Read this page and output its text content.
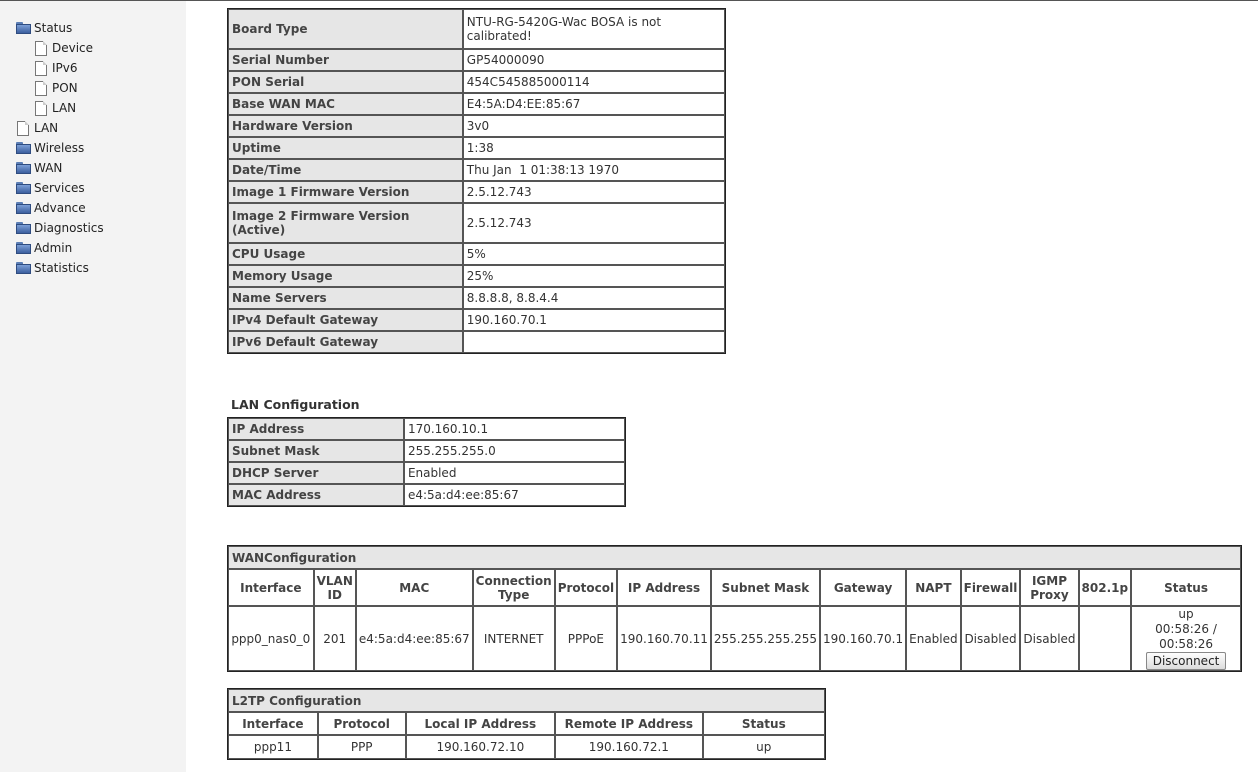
Status
Device
IPv6
PON
LAN
LAN
Wireless
WAN
Services
Advance
Diagnostics
Admin
Statistics
Board Type	NTU-RG-5420G-Wac BOSA is not calibrated!
Serial Number	GP54000090
PON Serial	454C545885000114
Base WAN MAC	E4:5A:D4:EE:85:67
Hardware Version	3v0
Uptime	1:38
Date/Time	Thu Jan  1 01:38:13 1970
Image 1 Firmware Version	2.5.12.743
Image 2 Firmware Version (Active)	2.5.12.743
CPU Usage	5%
Memory Usage	25%
Name Servers	8.8.8.8, 8.8.4.4
IPv4 Default Gateway	190.160.70.1
IPv6 Default Gateway	
LAN Configuration
IP Address	170.160.10.1
Subnet Mask	255.255.255.0
DHCP Server	Enabled
MAC Address	e4:5a:d4:ee:85:67
WANConfiguration												
Interface	VLAN ID	MAC	Connection Type	Protocol	IP Address	Subnet Mask	Gateway	NAPT	Firewall	IGMP Proxy	802.1p	Status
ppp0_nas0_0	201	e4:5a:d4:ee:85:67	INTERNET	PPPoE	190.160.70.11	255.255.255.255	190.160.70.1	Enabled	Disabled	Disabled		up
00:58:26 / 00:58:26
Disconnect
L2TP Configuration				
Interface	Protocol	Local IP Address	Remote IP Address	Status
ppp11	PPP	190.160.72.10	190.160.72.1	up
